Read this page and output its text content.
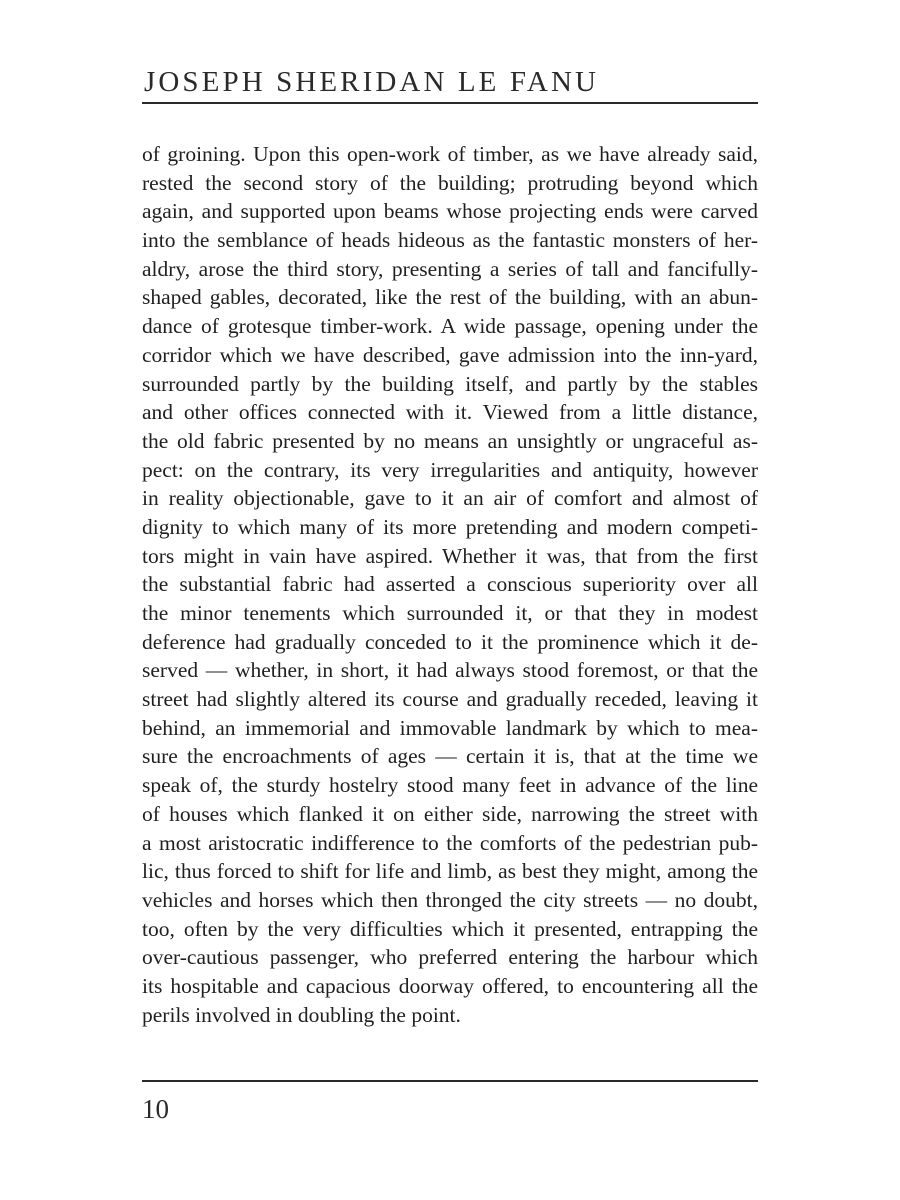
JOSEPH SHERIDAN LE FANU
of groining. Upon this open-work of timber, as we have already said,
rested the second story of the building; protruding beyond which
again, and supported upon beams whose projecting ends were carved
into the semblance of heads hideous as the fantastic monsters of her-
aldry, arose the third story, presenting a series of tall and fancifully-
shaped gables, decorated, like the rest of the building, with an abun-
dance of grotesque timber-work. A wide passage, opening under the
corridor which we have described, gave admission into the inn-yard,
surrounded partly by the building itself, and partly by the stables
and other offices connected with it. Viewed from a little distance,
the old fabric presented by no means an unsightly or ungraceful as-
pect: on the contrary, its very irregularities and antiquity, however
in reality objectionable, gave to it an air of comfort and almost of
dignity to which many of its more pretending and modern competi-
tors might in vain have aspired. Whether it was, that from the first
the substantial fabric had asserted a conscious superiority over all
the minor tenements which surrounded it, or that they in modest
deference had gradually conceded to it the prominence which it de-
served — whether, in short, it had always stood foremost, or that the
street had slightly altered its course and gradually receded, leaving it
behind, an immemorial and immovable landmark by which to mea-
sure the encroachments of ages — certain it is, that at the time we
speak of, the sturdy hostelry stood many feet in advance of the line
of houses which flanked it on either side, narrowing the street with
a most aristocratic indifference to the comforts of the pedestrian pub-
lic, thus forced to shift for life and limb, as best they might, among the
vehicles and horses which then thronged the city streets — no doubt,
too, often by the very difficulties which it presented, entrapping the
over-cautious passenger, who preferred entering the harbour which
its hospitable and capacious doorway offered, to encountering all the
perils involved in doubling the point.
10
